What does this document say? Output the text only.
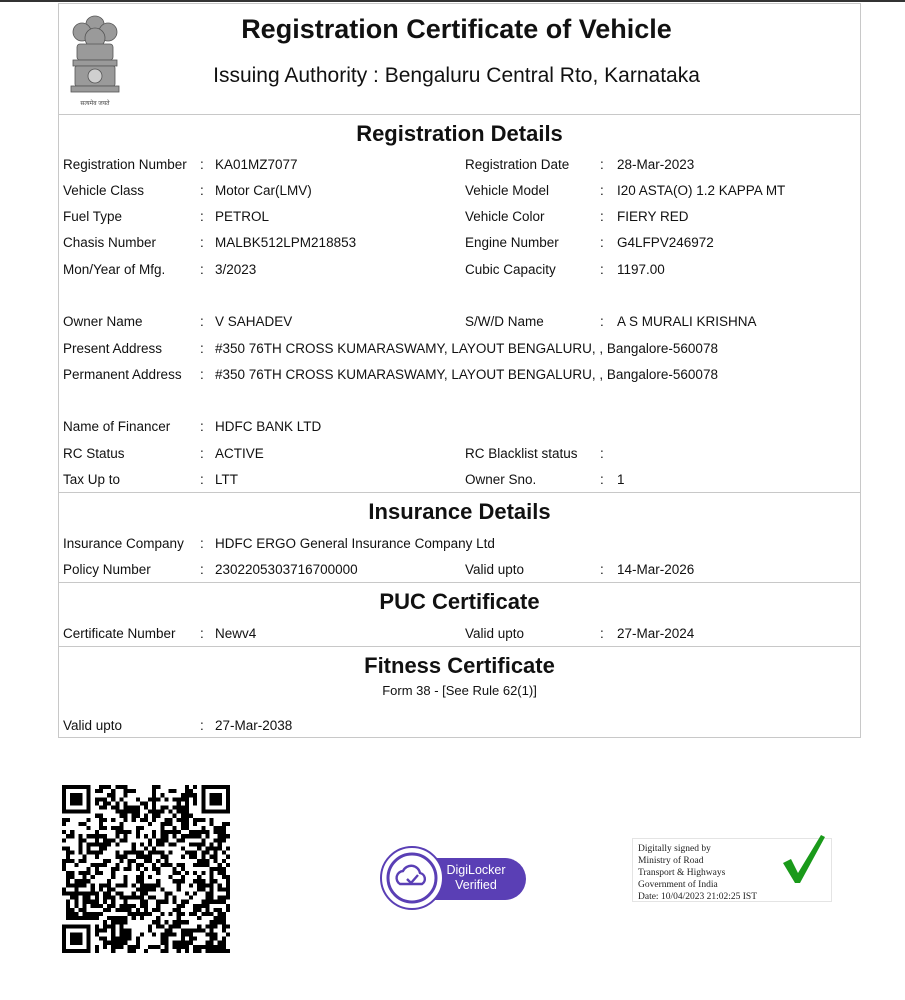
सत्यमेव जयते
Registration Certificate of Vehicle
Issuing Authority : Bengaluru Central Rto, Karnataka
Registration Details
Registration Number : KA01MZ7077	Registration Date : 28-Mar-2023
Vehicle Class	: Motor Car(LMV)	Vehicle Model	: I20 ASTA(O) 1.2 KAPPA MT
Fuel Type	: PETROL	Vehicle Color	: FIERY RED
Chasis Number	: MALBK512LPM218853	Engine Number	: G4LFPV246972
Mon/Year of Mfg.	: 3/2023	Cubic Capacity	: 1197.00
Owner Name	: V SAHADEV	S/W/D Name	: A S MURALI KRISHNA
Present Address	: #350 76TH CROSS KUMARASWAMY, LAYOUT BENGALURU, , Bangalore-560078
Permanent Address : #350 76TH CROSS KUMARASWAMY, LAYOUT BENGALURU, , Bangalore-560078
Name of Financer : HDFC BANK LTD
RC Status	: ACTIVE	RC Blacklist status :
Tax Up to	: LTT	Owner Sno.	: 1
Insurance Details
Insurance Company : HDFC ERGO General Insurance Company Ltd
Policy Number	: 2302205303716700000	Valid upto	: 14-Mar-2026
PUC Certificate
Certificate Number : Newv4	Valid upto	: 27-Mar-2024
Fitness Certificate
Form 38 - [See Rule 62(1)]
Valid upto	: 27-Mar-2038
DigiLocker
Verified
Digitally signed by
Ministry of Road
Transport & Highways
Government of India
Date: 10/04/2023 21:02:25 IST
